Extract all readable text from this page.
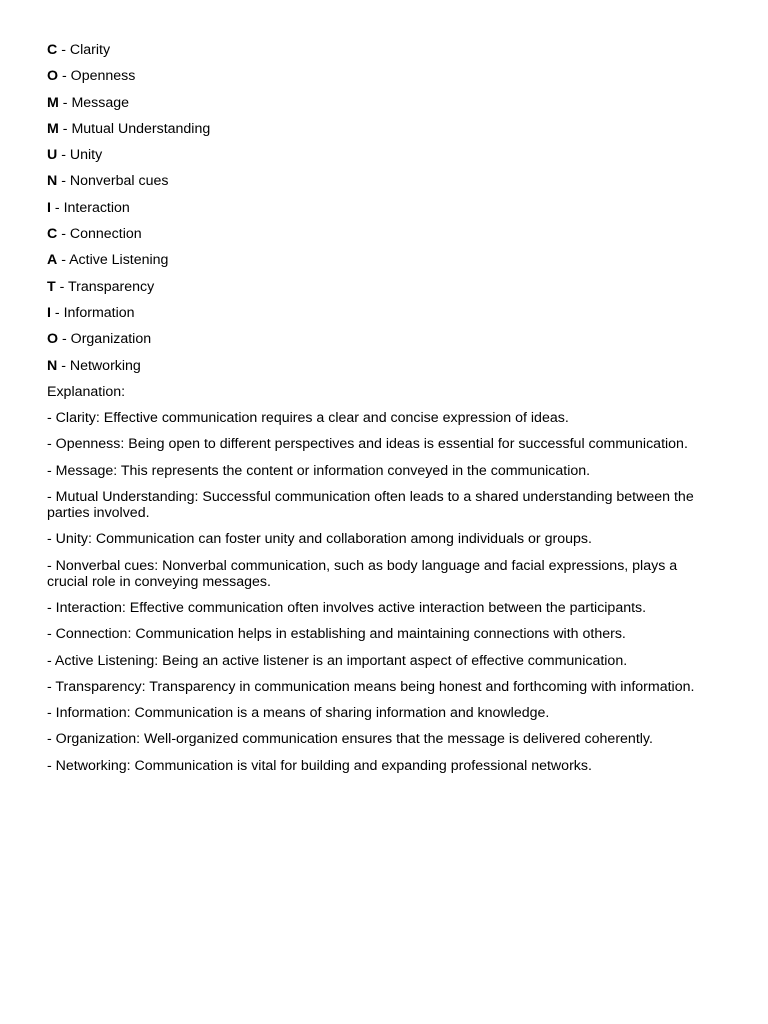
C - Clarity
O - Openness
M - Message
M - Mutual Understanding
U - Unity
N - Nonverbal cues
I - Interaction
C - Connection
A - Active Listening
T - Transparency
I - Information
O - Organization
N - Networking
Explanation:

- Clarity: Effective communication requires a clear and concise expression of ideas.

- Openness: Being open to different perspectives and ideas is essential for successful communication.

- Message: This represents the content or information conveyed in the communication.

- Mutual Understanding: Successful communication often leads to a shared understanding between the parties involved.

- Unity: Communication can foster unity and collaboration among individuals or groups.

- Nonverbal cues: Nonverbal communication, such as body language and facial expressions, plays a crucial role in conveying messages.

- Interaction: Effective communication often involves active interaction between the participants.

- Connection: Communication helps in establishing and maintaining connections with others.

- Active Listening: Being an active listener is an important aspect of effective communication.

- Transparency: Transparency in communication means being honest and forthcoming with information.

- Information: Communication is a means of sharing information and knowledge.

- Organization: Well-organized communication ensures that the message is delivered coherently.

- Networking: Communication is vital for building and expanding professional networks.
